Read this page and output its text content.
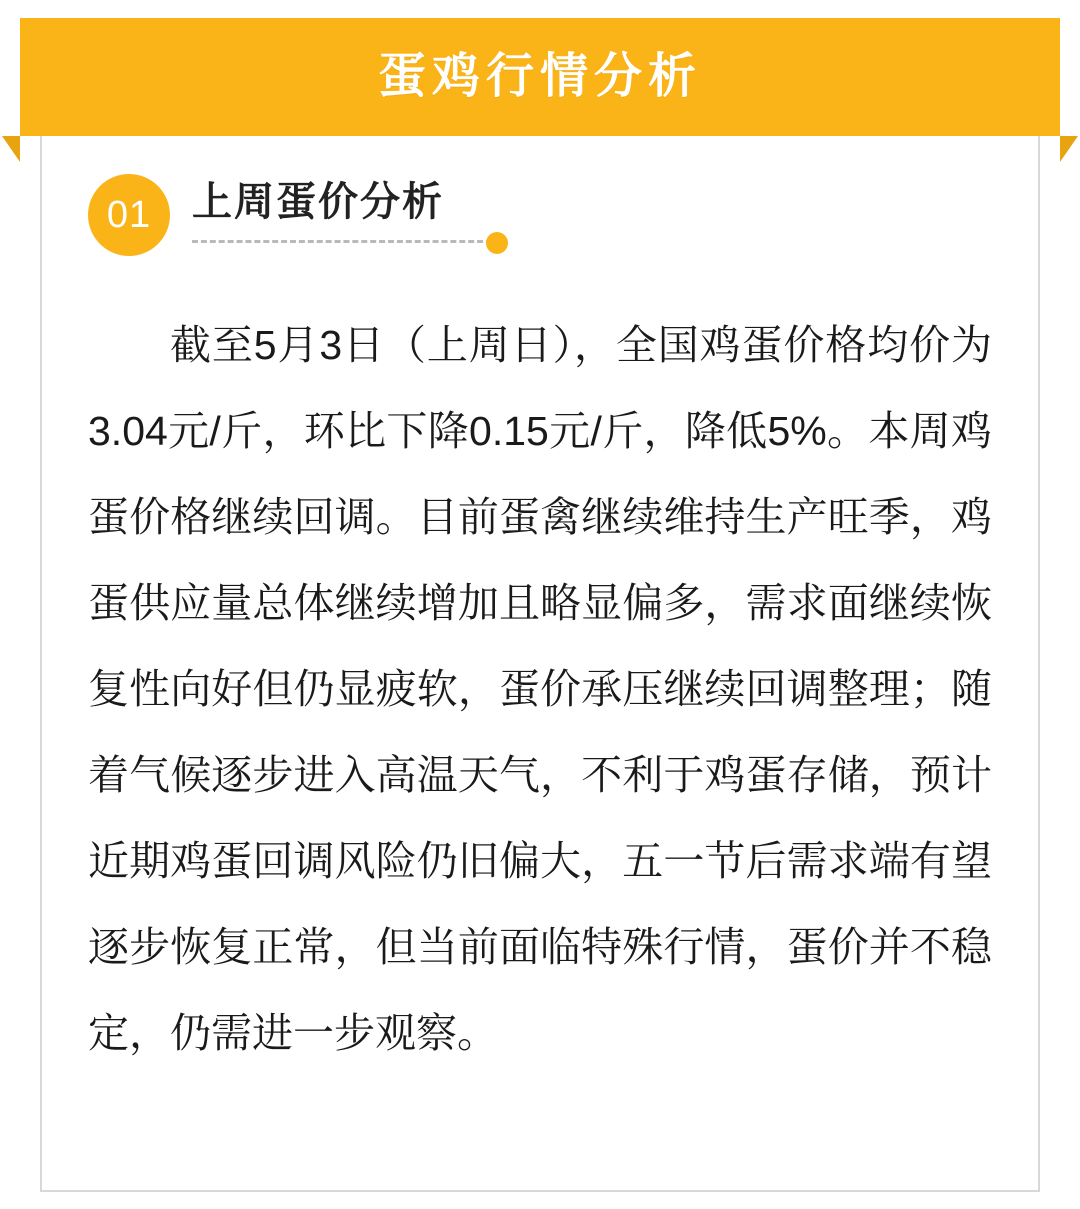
蛋鸡行情分析
01	上周蛋价分析
截至5月3日（上周日），全国鸡蛋价格均价为3.04元/斤，环比下降0.15元/斤，降低5%。本周鸡蛋价格继续回调。目前蛋禽继续维持生产旺季，鸡蛋供应量总体继续增加且略显偏多，需求面继续恢复性向好但仍显疲软，蛋价承压继续回调整理；随着气候逐步进入高温天气，不利于鸡蛋存储，预计近期鸡蛋回调风险仍旧偏大，五一节后需求端有望逐步恢复正常，但当前面临特殊行情，蛋价并不稳定，仍需进一步观察。
